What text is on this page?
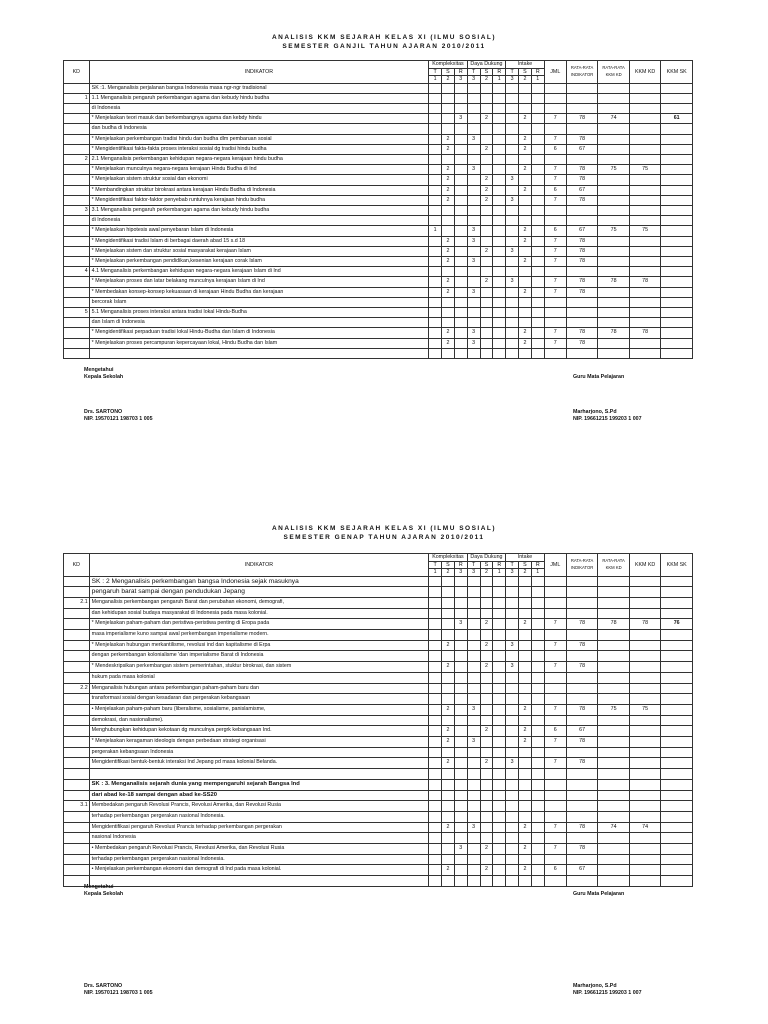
ANALISIS KKM SEJARAH KELAS XI (ILMU SOSIAL)
SEMESTER GANJIL TAHUN AJARAN 2010/2011
KD	INDIKATOR	Komplekxitas			Daya Dukung			Intake			JML	RATA-RATA INDIKATOR	RATA-RATA KKM KD	KKM KD	KKM SK
		T	S	R	T	S	R	T	S	R					
		1	2	3	3	2	1	3	2	1					
	SK :1. Menganalisis perjalanan bangsa Indonesia masa ngr-ngr tradisional														
1	1.1 Menganalisis pengaruh perkembangan agama dan kebudy hindu budha														
	di Indonesia														
	* Menjelaskan teori masuk dan berkembangnya agama dan kebdy hindu			3		2			2		7	78	74		61
	dan budha di Indonesia														
	* Menjelaskan perkembangan tradisi hindu dan budha dlm pembaruan sosial		2		3				2		7	78			
	* Mengidentifikasi fakta-fakta proses interaksi sosial dg tradisi hindu budha		2			2			2		6	67			
2	2.1 Menganalisis perkembangan kehidupan negara-negara kerajaan hindu budha														
	* Menjelaskan munculnya negara-negara kerajaan Hindu Budha di Ind		2		3				2		7	78	75	75	
	* Menjelaskan sistem struktur sosial dan ekonomi		2			2		3			7	78			
	* Membandingkan struktur birokrasi antara kerajaan Hindu Budha di Indonesia		2			2			2		6	67			
	* Mengidentifikasi faktor-faktor penyebab runtuhnya kerajaan hindu budha		2			2		3			7	78			
3	3.1 Menganalisis pengaruh perkembangan agama dan kebudy hindu budha														
	di Indonesia														
	* Menjelaskan hipotesis awal penyebaran Islam di Indonesia	1			3				2		6	67	75	75	
	* Mengidentifikasi tradisi Islam di berbagai daerah abad 15 s.d 18		2		3				2		7	78			
	* Menjelaskan sistem dan struktur sosial masyarakat kerajaan Islam		2			2		3			7	78			
	* Menjelaskan perkembangan pendidikan,kesenian kerajaan corak Islam		2		3				2		7	78			
4	4.1 Menganalisis perkembangan kehidupan negara-negara kerajaan Islam di Ind														
	* Menjelaskan proses dan latar belakang munculnya kerajaan Islam di Ind		2			2		3			7	78	78	78	
	* Membedakan konsep-konsep kekuasaan di kerajaan Hindu Budha dan kerajaan		2		3				2		7	78			
	bercorak Islam														
5	5.1 Menganalisis proses interaksi antara tradisi lokal Hindu-Budha														
	dan Islam di Indonesia														
	* Mengidentifikasi perpaduan tradisi lokal Hindu-Budha dan Islam di Indonesia		2		3				2		7	78	78	78	
	* Menjelaskan proses percampuran kepercayaan lokal, Hindu Budha dan Islam		2		3				2		7	78			

Mengetahui
Kepala Sekolah	Guru Mata Pelajaran
Drs. SARTONO
NIP. 19570121 198703 1 005
Marharjono, S.Pd
NIP. 19661215 199203 1 007
ANALISIS KKM SEJARAH KELAS XI (ILMU SOSIAL)
SEMESTER GENAP TAHUN AJARAN 2010/2011
KD	INDIKATOR	Komplekxitas			Daya Dukung			Intake			JML	RATA-RATA INDIKATOR	RATA-RATA KKM KD	KKM KD	KKM SK
		T	S	R	T	S	R	T	S	R					
		1	2	3	3	2	1	3	2	1					
	SK : 2 Menganalisis perkembangan bangsa Indonesia sejak masuknya														
	pengaruh barat sampai dengan pendudukan Jepang														
2.1	Menganalisis perkembangan pengaruh Barat dan perubahan ekonomi, demografi,														
	dan kehidupan sosial budaya masyarakat di Indonesia pada masa kolonial.														
	* Menjelaskan paham-paham dan peristiwa-peristiwa penting di Eropa pada			3		2			2		7	78	78	78	76
	masa imperialisme kuno sampai awal perkembangan imperialisme modern.														
	* Menjelaskan hubungan merkantilisme, revolusi ind dan kapitalisme di Erpa		2			2		3			7	78			
	dengan perkembangan kolonialisme 'dan imperialisme Barat di Indonesia														
	* Mendeskripsikan perkembangan sistem pemerintahan, stuktur birokrasi, dan sistem		2			2		3			7	78			
	hukum pada masa kolonial														
2.2	Menganalisis hubungan antara perkembangan paham-paham baru dan														
	transformasi sosial dengan kesadaran dan pergerakan kebangsaan														
	• Menjelaskan paham-paham baru (liberalisme, sosialisme, panislamisme,		2		3				2		7	78	75	75	
	demokrasi, dan nasionalisme).														
	Menghubungkan kehidupan kekotaan dg munculnya pergrk kebangsaan Ind.		2			2			2		6	67			
	* Menjelaskan keragaman ideologis dengan perbedaan strategi organisasi		2		3				2		7	78			
	pergerakan kebangsaan Indonesia														
	Mengidentifikasi bentuk-bentuk interaksi Ind Jepang pd masa kolonial Belanda.		2			2		3			7	78			

	SK : 3. Menganalisis sejarah dunia yang mempengaruhi sejarah Bangsa Ind														
	dari abad ke-18 sampai dengan abad ke-SS20														
3.1	Membedakan pengaruh Revolusi Prancis, Revolusi Amerika, dan Revolusi Rusia														
	terhadap perkembangan pergerakan nasional Indonesia.														
	Mengidentifikasi pengaruh Revolusi Prancis terhadap perkembangan pergerakan		2		3				2		7	78	74	74	
	nasional Indonesia														
	• Membedakan pengaruh Revolusi Prancis, Revolusi Amerika, dan Revolusi Rusia			3		2			2		7	78			
	terhadap perkembangan pergerakan nasional Indonesia.														
	• Menjelaskan perkembangan ekonomi dan demografi di Ind pada masa kolonial.		2			2			2		6	67			

Mengetahui
Kepala Sekolah	Guru Mata Pelajaran
Drs. SARTONO
NIP. 19570121 198703 1 005
Marharjono, S.Pd
NIP. 19661215 199203 1 007
